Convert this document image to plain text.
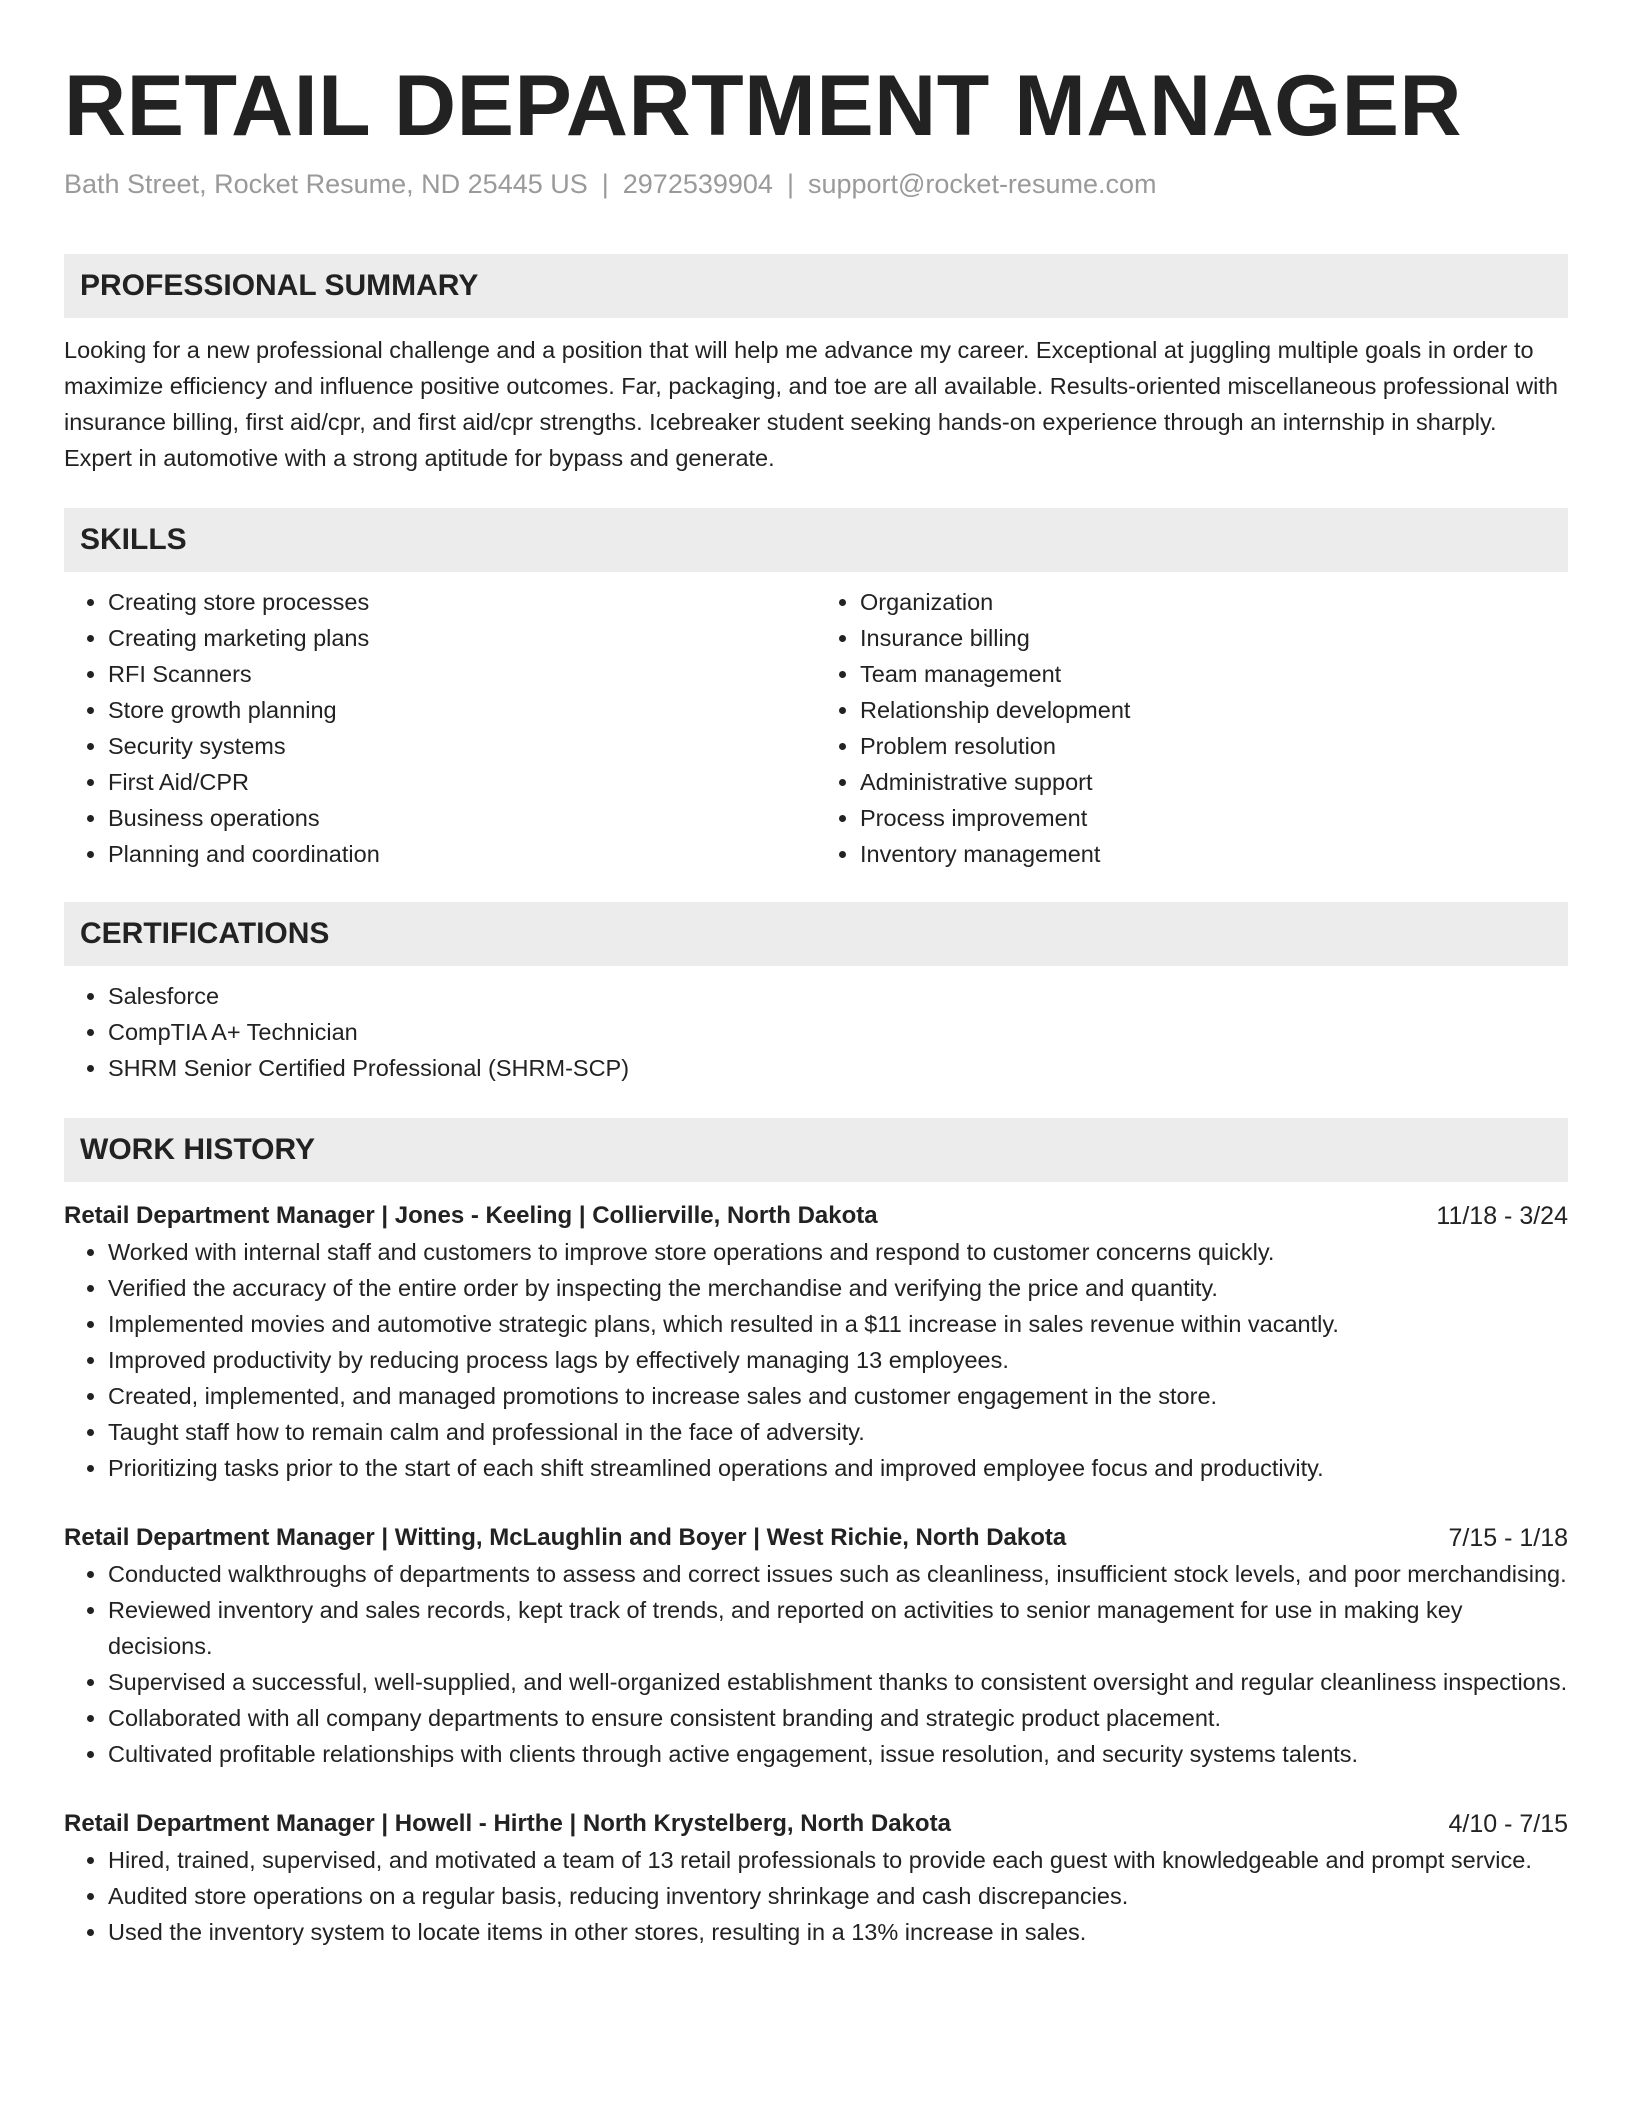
RETAIL DEPARTMENT MANAGER
Bath Street, Rocket Resume, ND 25445 US | 2972539904 | support@rocket-resume.com
PROFESSIONAL SUMMARY
Looking for a new professional challenge and a position that will help me advance my career. Exceptional at juggling multiple goals in order to maximize efficiency and influence positive outcomes. Far, packaging, and toe are all available. Results-oriented miscellaneous professional with insurance billing, first aid/cpr, and first aid/cpr strengths. Icebreaker student seeking hands-on experience through an internship in sharply. Expert in automotive with a strong aptitude for bypass and generate.
SKILLS
• Creating store processes
• Creating marketing plans
• RFI Scanners
• Store growth planning
• Security systems
• First Aid/CPR
• Business operations
• Planning and coordination
• Organization
• Insurance billing
• Team management
• Relationship development
• Problem resolution
• Administrative support
• Process improvement
• Inventory management
CERTIFICATIONS
• Salesforce
• CompTIA A+ Technician
• SHRM Senior Certified Professional (SHRM-SCP)
WORK HISTORY
Retail Department Manager | Jones - Keeling | Collierville, North Dakota	11/18 - 3/24
• Worked with internal staff and customers to improve store operations and respond to customer concerns quickly.
• Verified the accuracy of the entire order by inspecting the merchandise and verifying the price and quantity.
• Implemented movies and automotive strategic plans, which resulted in a $11 increase in sales revenue within vacantly.
• Improved productivity by reducing process lags by effectively managing 13 employees.
• Created, implemented, and managed promotions to increase sales and customer engagement in the store.
• Taught staff how to remain calm and professional in the face of adversity.
• Prioritizing tasks prior to the start of each shift streamlined operations and improved employee focus and productivity.
Retail Department Manager | Witting, McLaughlin and Boyer | West Richie, North Dakota	7/15 - 1/18
• Conducted walkthroughs of departments to assess and correct issues such as cleanliness, insufficient stock levels, and poor merchandising.
• Reviewed inventory and sales records, kept track of trends, and reported on activities to senior management for use in making key decisions.
• Supervised a successful, well-supplied, and well-organized establishment thanks to consistent oversight and regular cleanliness inspections.
• Collaborated with all company departments to ensure consistent branding and strategic product placement.
• Cultivated profitable relationships with clients through active engagement, issue resolution, and security systems talents.
Retail Department Manager | Howell - Hirthe | North Krystelberg, North Dakota	4/10 - 7/15
• Hired, trained, supervised, and motivated a team of 13 retail professionals to provide each guest with knowledgeable and prompt service.
• Audited store operations on a regular basis, reducing inventory shrinkage and cash discrepancies.
• Used the inventory system to locate items in other stores, resulting in a 13% increase in sales.
